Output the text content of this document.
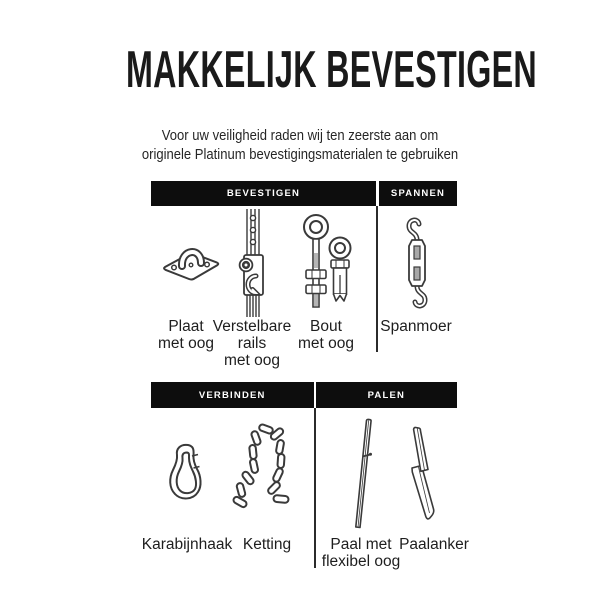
MAKKELIJK BEVESTIGEN
Voor uw veiligheid raden wij ten zeerste aan om
originele Platinum bevestigingsmaterialen te gebruiken
BEVESTIGEN	SPANNEN
VERBINDEN	PALEN
Plaat
met oog
Verstelbare
rails
met oog
Bout
met oog
Spanmoer
Karabijnhaak Ketting	Paal met
flexibel oog
Paalanker
